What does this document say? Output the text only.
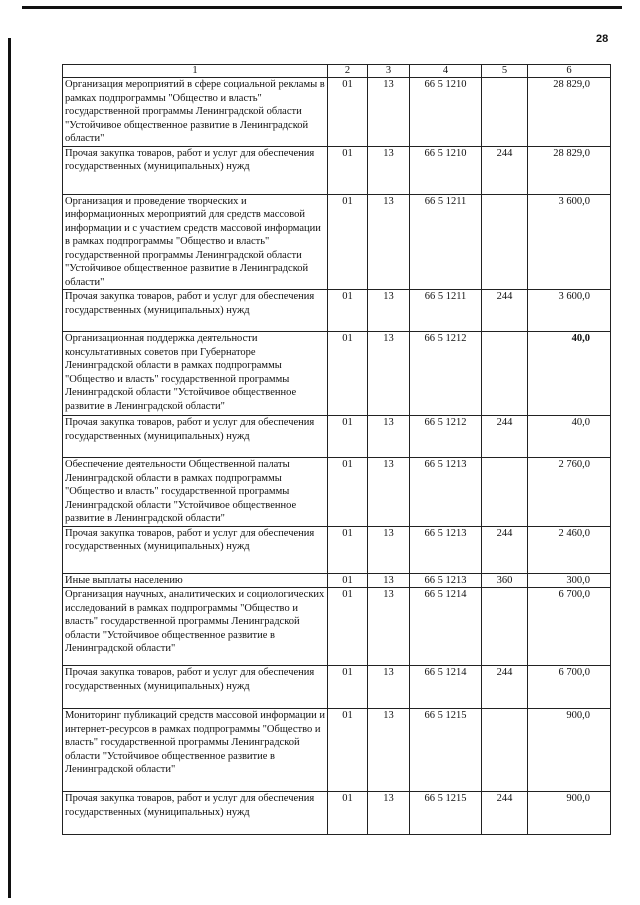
28
1	2	3	4	5	6
Организация мероприятий в сфере социальной рекламы в рамках подпрограммы "Общество и власть" государственной программы Ленинградской области "Устойчивое общественное развитие в Ленинградской области"	01	13	66 5 1210		28 829,0
Прочая закупка товаров, работ и услуг для обеспечения государственных (муниципальных) нужд	01	13	66 5 1210	244	28 829,0
Организация и проведение творческих и информационных мероприятий для средств массовой информации и с участием средств массовой информации в рамках подпрограммы "Общество и власть" государственной программы Ленинградской области "Устойчивое общественное развитие в Ленинградской области"	01	13	66 5 1211		3 600,0
Прочая закупка товаров, работ и услуг для обеспечения государственных (муниципальных) нужд	01	13	66 5 1211	244	3 600,0
Организационная поддержка деятельности консультативных советов при Губернаторе Ленинградской области в рамках подпрограммы "Общество и власть" государственной программы Ленинградской области "Устойчивое общественное развитие в Ленинградской области"	01	13	66 5 1212		40,0
Прочая закупка товаров, работ и услуг для обеспечения государственных (муниципальных) нужд	01	13	66 5 1212	244	40,0
Обеспечение деятельности Общественной палаты Ленинградской области в рамках подпрограммы "Общество и власть" государственной программы Ленинградской области "Устойчивое общественное развитие в Ленинградской области"	01	13	66 5 1213		2 760,0
Прочая закупка товаров, работ и услуг для обеспечения государственных (муниципальных) нужд	01	13	66 5 1213	244	2 460,0
Иные выплаты населению	01	13	66 5 1213	360	300,0
Организация научных, аналитических и социологических исследований в рамках подпрограммы "Общество и власть" государственной программы Ленинградской области "Устойчивое общественное развитие в Ленинградской области"	01	13	66 5 1214		6 700,0
Прочая закупка товаров, работ и услуг для обеспечения государственных (муниципальных) нужд	01	13	66 5 1214	244	6 700,0
Мониторинг публикаций средств массовой информации и интернет-ресурсов в рамках подпрограммы "Общество и власть" государственной программы Ленинградской области "Устойчивое общественное развитие в Ленинградской области"	01	13	66 5 1215		900,0
Прочая закупка товаров, работ и услуг для обеспечения государственных (муниципальных) нужд	01	13	66 5 1215	244	900,0
